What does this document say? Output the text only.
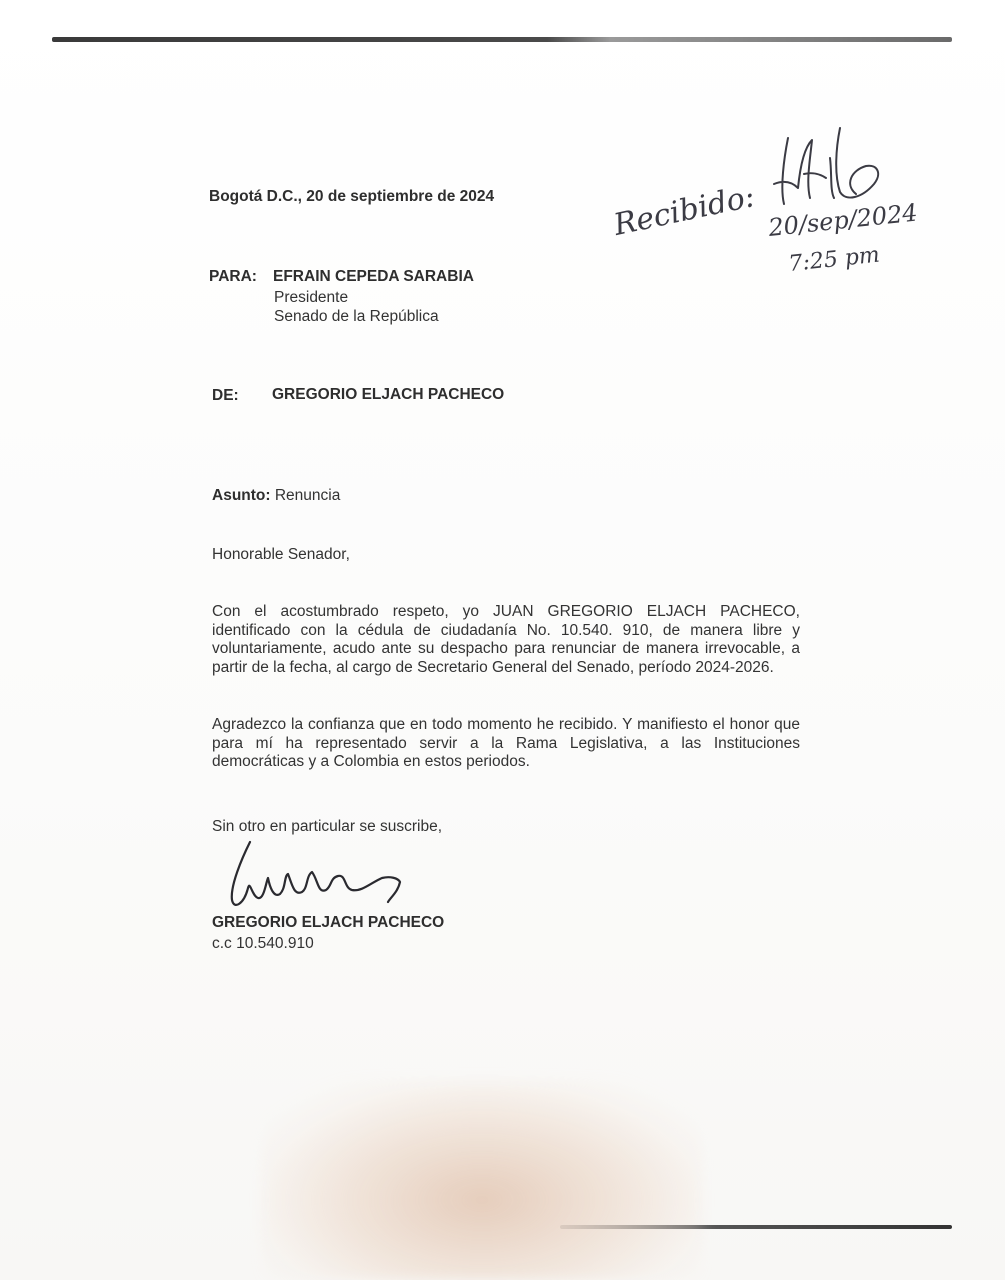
Bogotá D.C., 20 de septiembre de 2024
PARA: EFRAIN CEPEDA SARABIA
Presidente
Senado de la República
DE: GREGORIO ELJACH PACHECO
Asunto: Renuncia
Honorable Senador,
Con el acostumbrado respeto, yo JUAN GREGORIO ELJACH PACHECO, identificado con la cédula de ciudadanía No. 10.540. 910, de manera libre y voluntariamente, acudo ante su despacho para renunciar de manera irrevocable, a partir de la fecha, al cargo de Secretario General del Senado, período 2024-2026.
Agradezco la confianza que en todo momento he recibido. Y manifiesto el honor que para mí ha representado servir a la Rama Legislativa, a las Instituciones democráticas y a Colombia en estos periodos.
Sin otro en particular se suscribe,
GREGORIO ELJACH PACHECO
c.c 10.540.910
Recibido: 20/sep/2024
7:25 pm
